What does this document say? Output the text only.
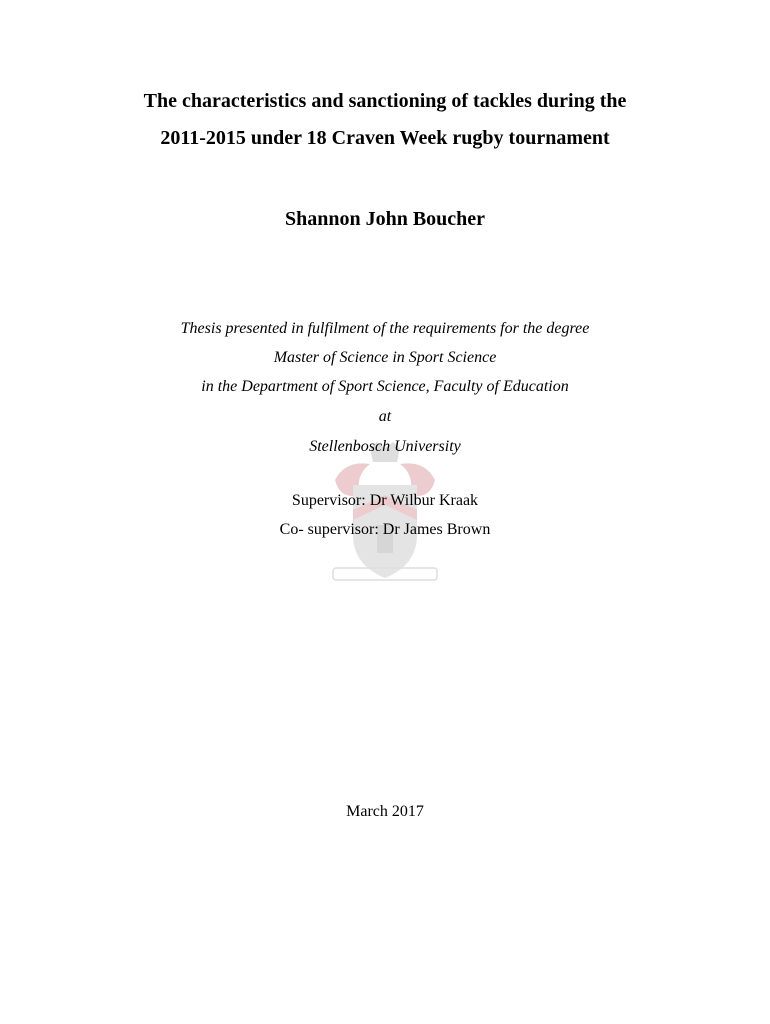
The characteristics and sanctioning of tackles during the
2011-2015 under 18 Craven Week rugby tournament
Shannon John Boucher
Thesis presented in fulfilment of the requirements for the degree
Master of Science in Sport Science
in the Department of Sport Science, Faculty of Education
at
Stellenbosch University
Supervisor: Dr Wilbur Kraak
Co- supervisor: Dr James Brown
March 2017
